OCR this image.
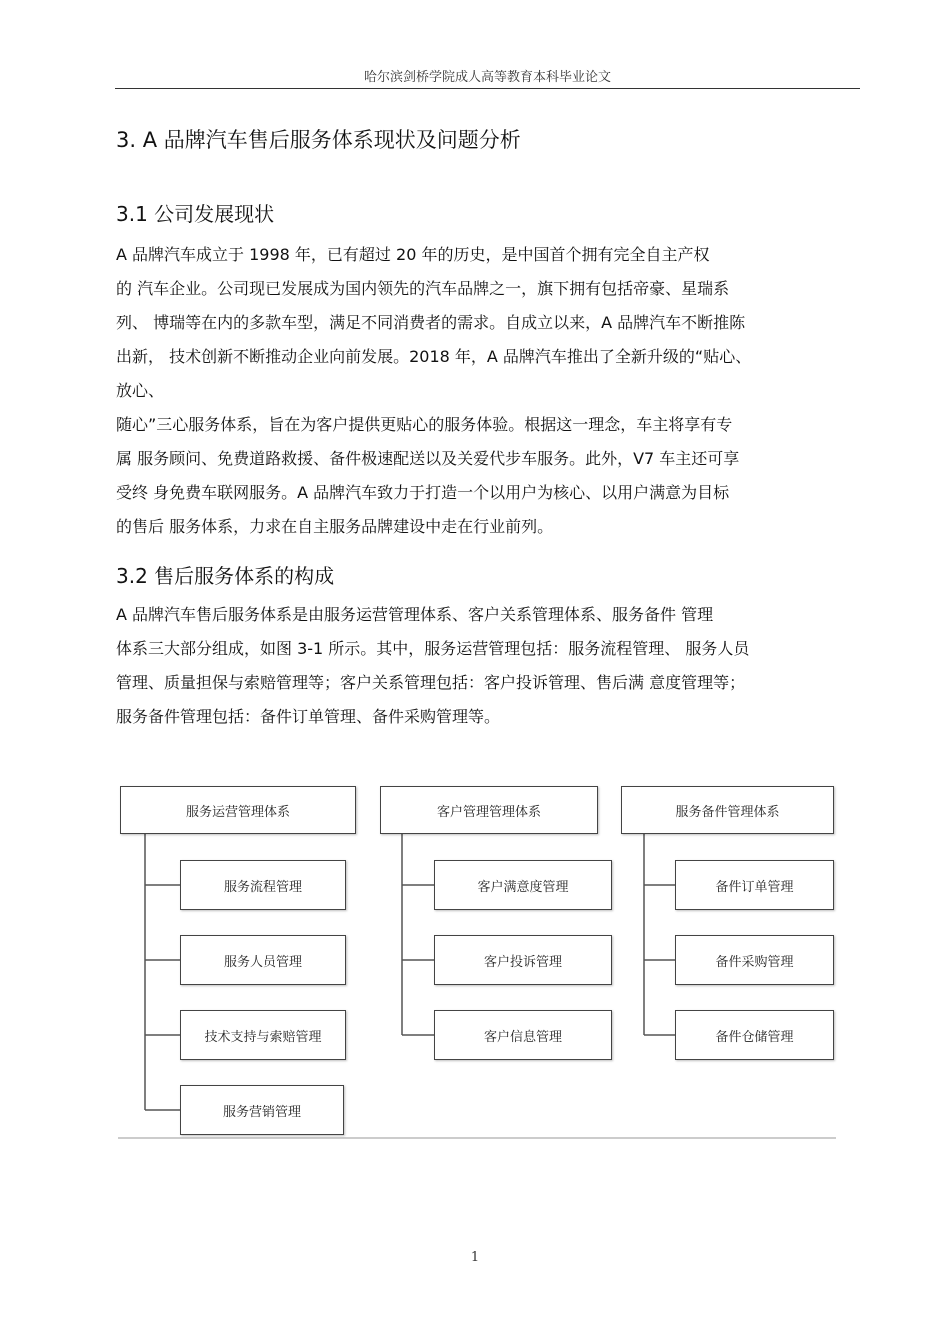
哈尔滨剑桥学院成人高等教育本科毕业论文
3. A 品牌汽车售后服务体系现状及问题分析
3.1 公司发展现状
A 品牌汽车成立于 1998 年，已有超过 20 年的历史，是中国首个拥有完全自主产权
的 汽车企业。公司现已发展成为国内领先的汽车品牌之一，旗下拥有包括帝豪、星瑞系
列、 博瑞等在内的多款车型，满足不同消费者的需求。自成立以来，A 品牌汽车不断推陈
出新， 技术创新不断推动企业向前发展。2018 年，A 品牌汽车推出了全新升级的“贴心、
放心、
随心”三心服务体系，旨在为客户提供更贴心的服务体验。根据这一理念，车主将享有专
属 服务顾问、免费道路救援、备件极速配送以及关爱代步车服务。此外，V7 车主还可享
受终 身免费车联网服务。A 品牌汽车致力于打造一个以用户为核心、以用户满意为目标
的售后 服务体系，力求在自主服务品牌建设中走在行业前列。
3.2 售后服务体系的构成
A 品牌汽车售后服务体系是由服务运营管理体系、客户关系管理体系、服务备件 管理
体系三大部分组成，如图 3-1 所示。其中，服务运营管理包括：服务流程管理、 服务人员
管理、质量担保与索赔管理等；客户关系管理包括：客户投诉管理、售后满 意度管理等；
服务备件管理包括：备件订单管理、备件采购管理等。
服务运营管理体系
服务流程管理
服务人员管理
技术支持与索赔管理
服务营销管理
客户管理管理体系
客户满意度管理
客户投诉管理
客户信息管理
服务备件管理体系
备件订单管理
备件采购管理
备件仓储管理
1
